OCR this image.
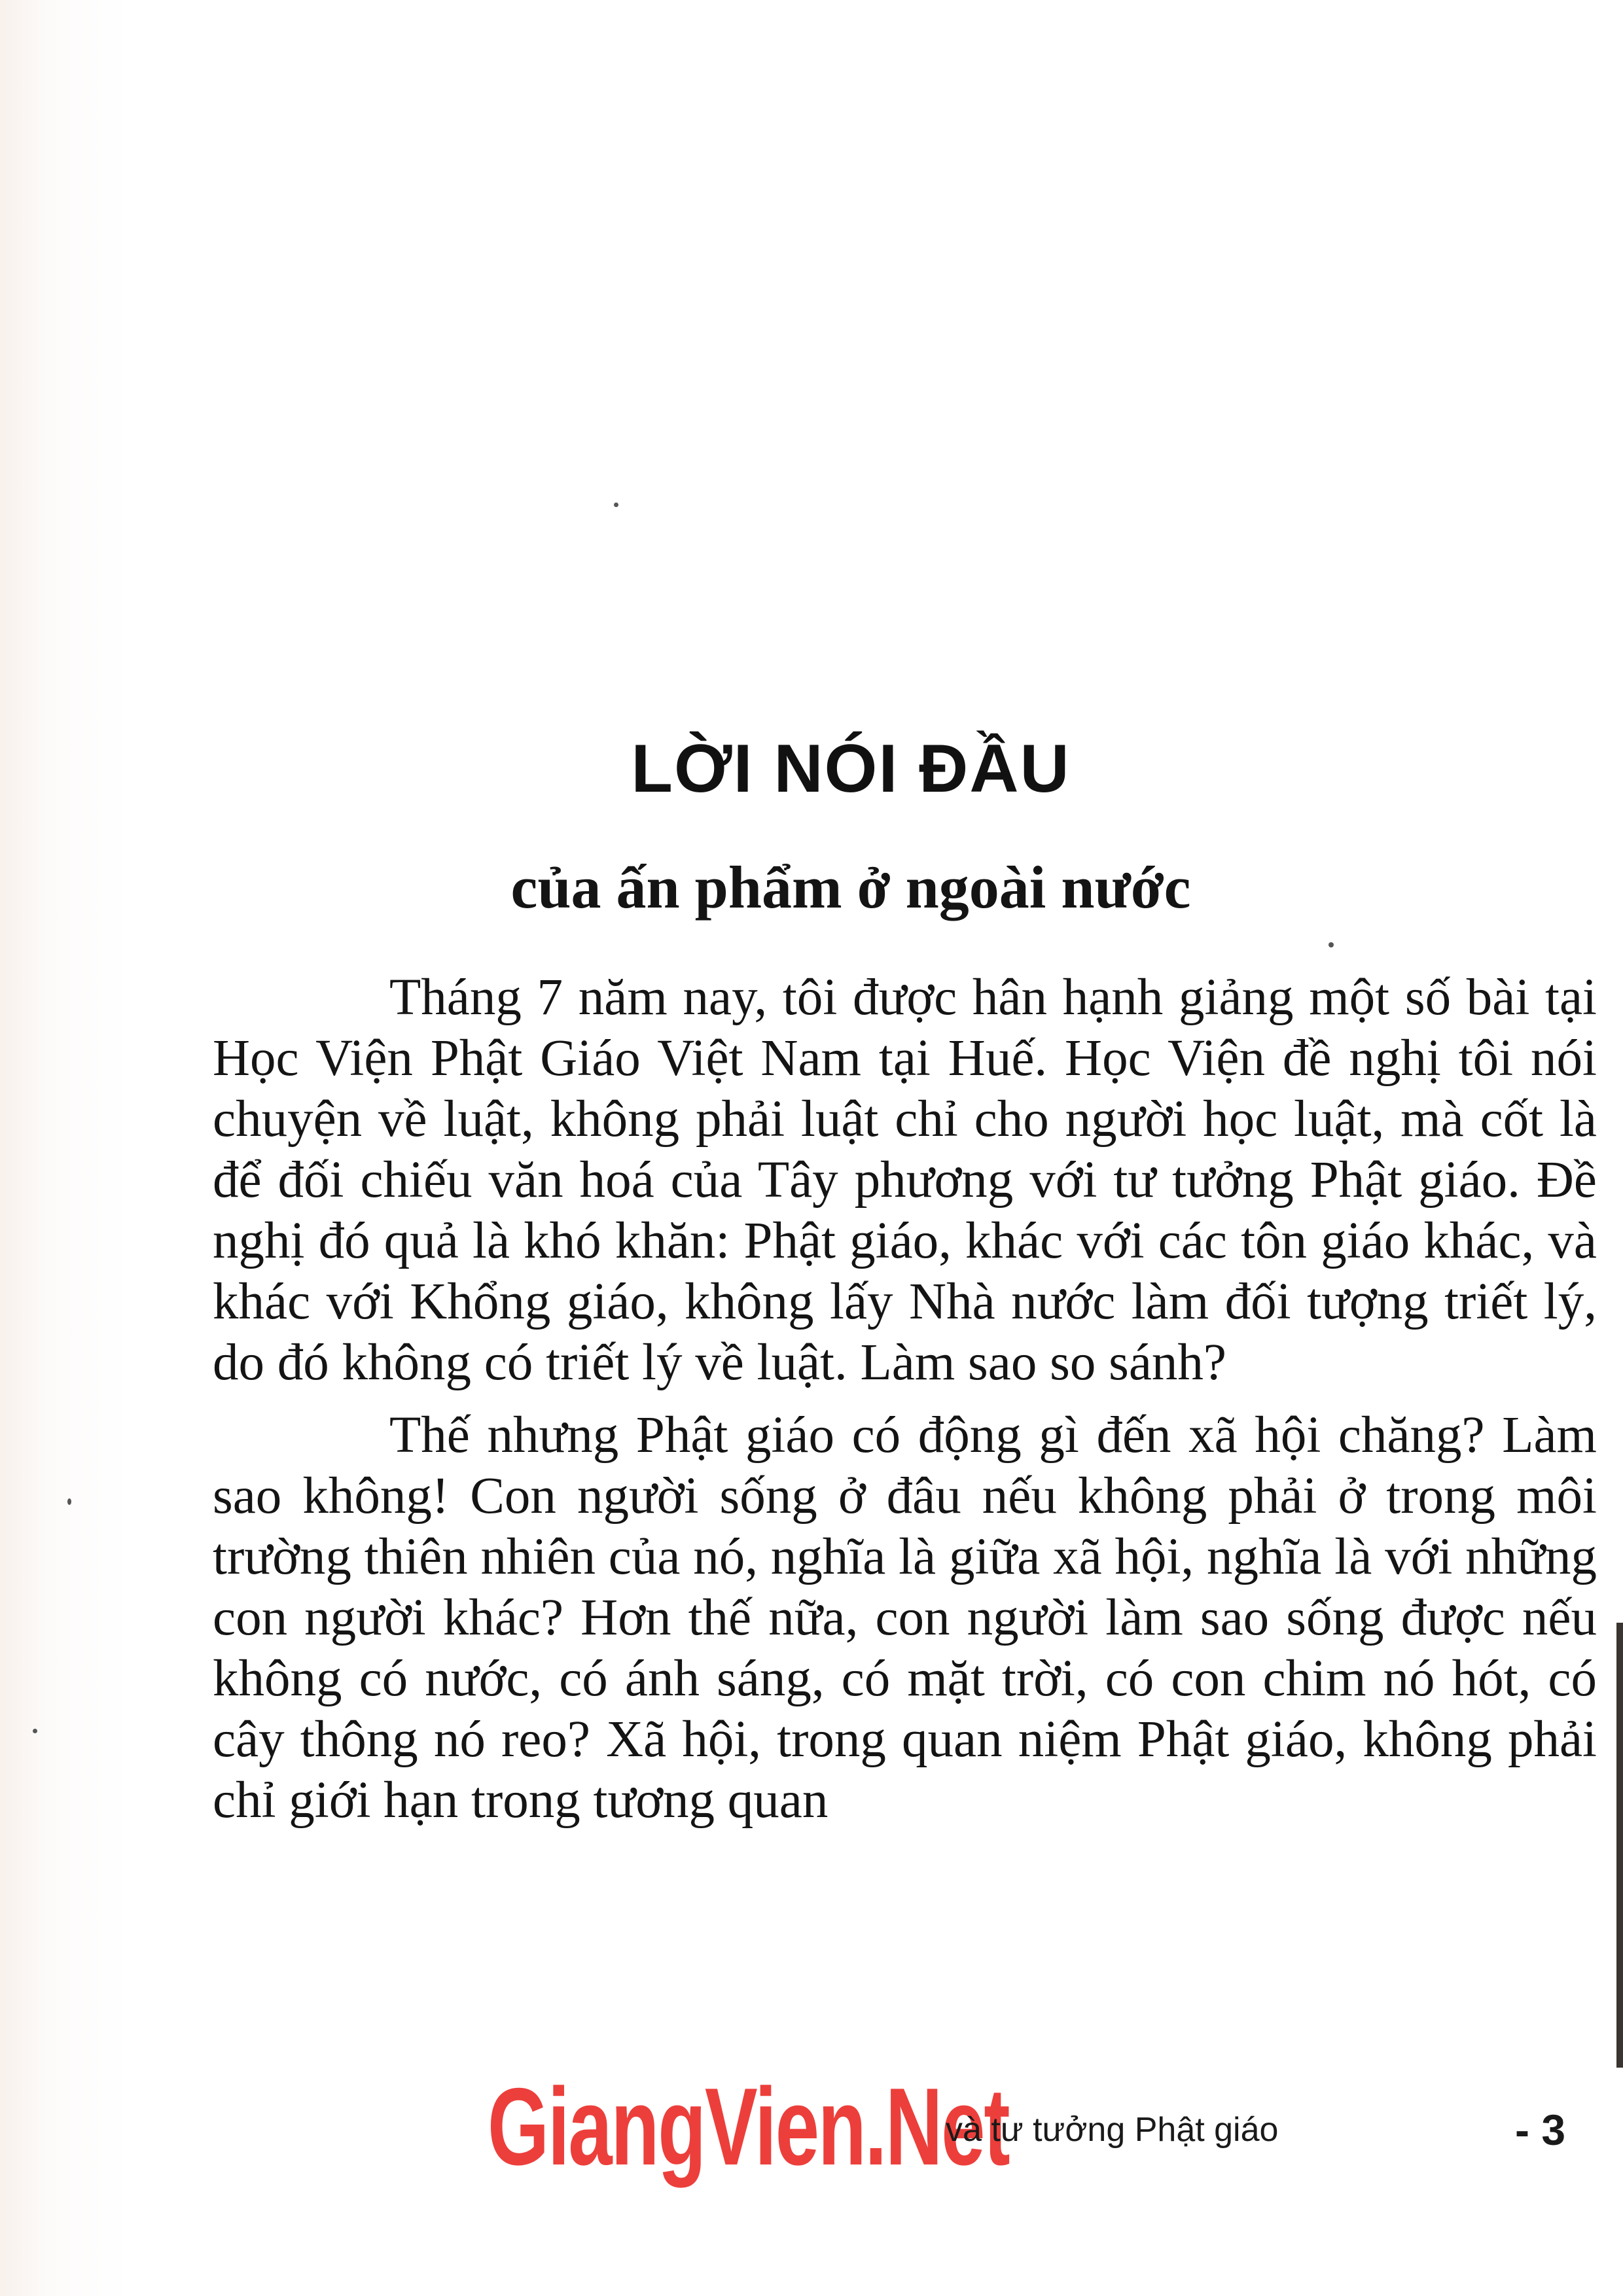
LỜI NÓI ĐẦU
của ấn phẩm ở ngoài nước

Tháng 7 năm nay, tôi được hân hạnh giảng một số bài tại Học Viện Phật Giáo Việt Nam tại Huế. Học Viện đề nghị tôi nói chuyện về luật, không phải luật chỉ cho người học luật, mà cốt là để đối chiếu văn hoá của Tây phương với tư tưởng Phật giáo. Đề nghị đó quả là khó khăn: Phật giáo, khác với các tôn giáo khác, và khác với Khổng giáo, không lấy Nhà nước làm đối tượng triết lý, do đó không có triết lý về luật. Làm sao so sánh?

Thế nhưng Phật giáo có động gì đến xã hội chăng? Làm sao không! Con người sống ở đâu nếu không phải ở trong môi trường thiên nhiên của nó, nghĩa là giữa xã hội, nghĩa là với những con người khác? Hơn thế nữa, con người làm sao sống được nếu không có nước, có ánh sáng, có mặt trời, có con chim nó hót, có cây thông nó reo? Xã hội, trong quan niệm Phật giáo, không phải chỉ giới hạn trong tương quan

GiangVien.Net
và tư tưởng Phật giáo	- 3
